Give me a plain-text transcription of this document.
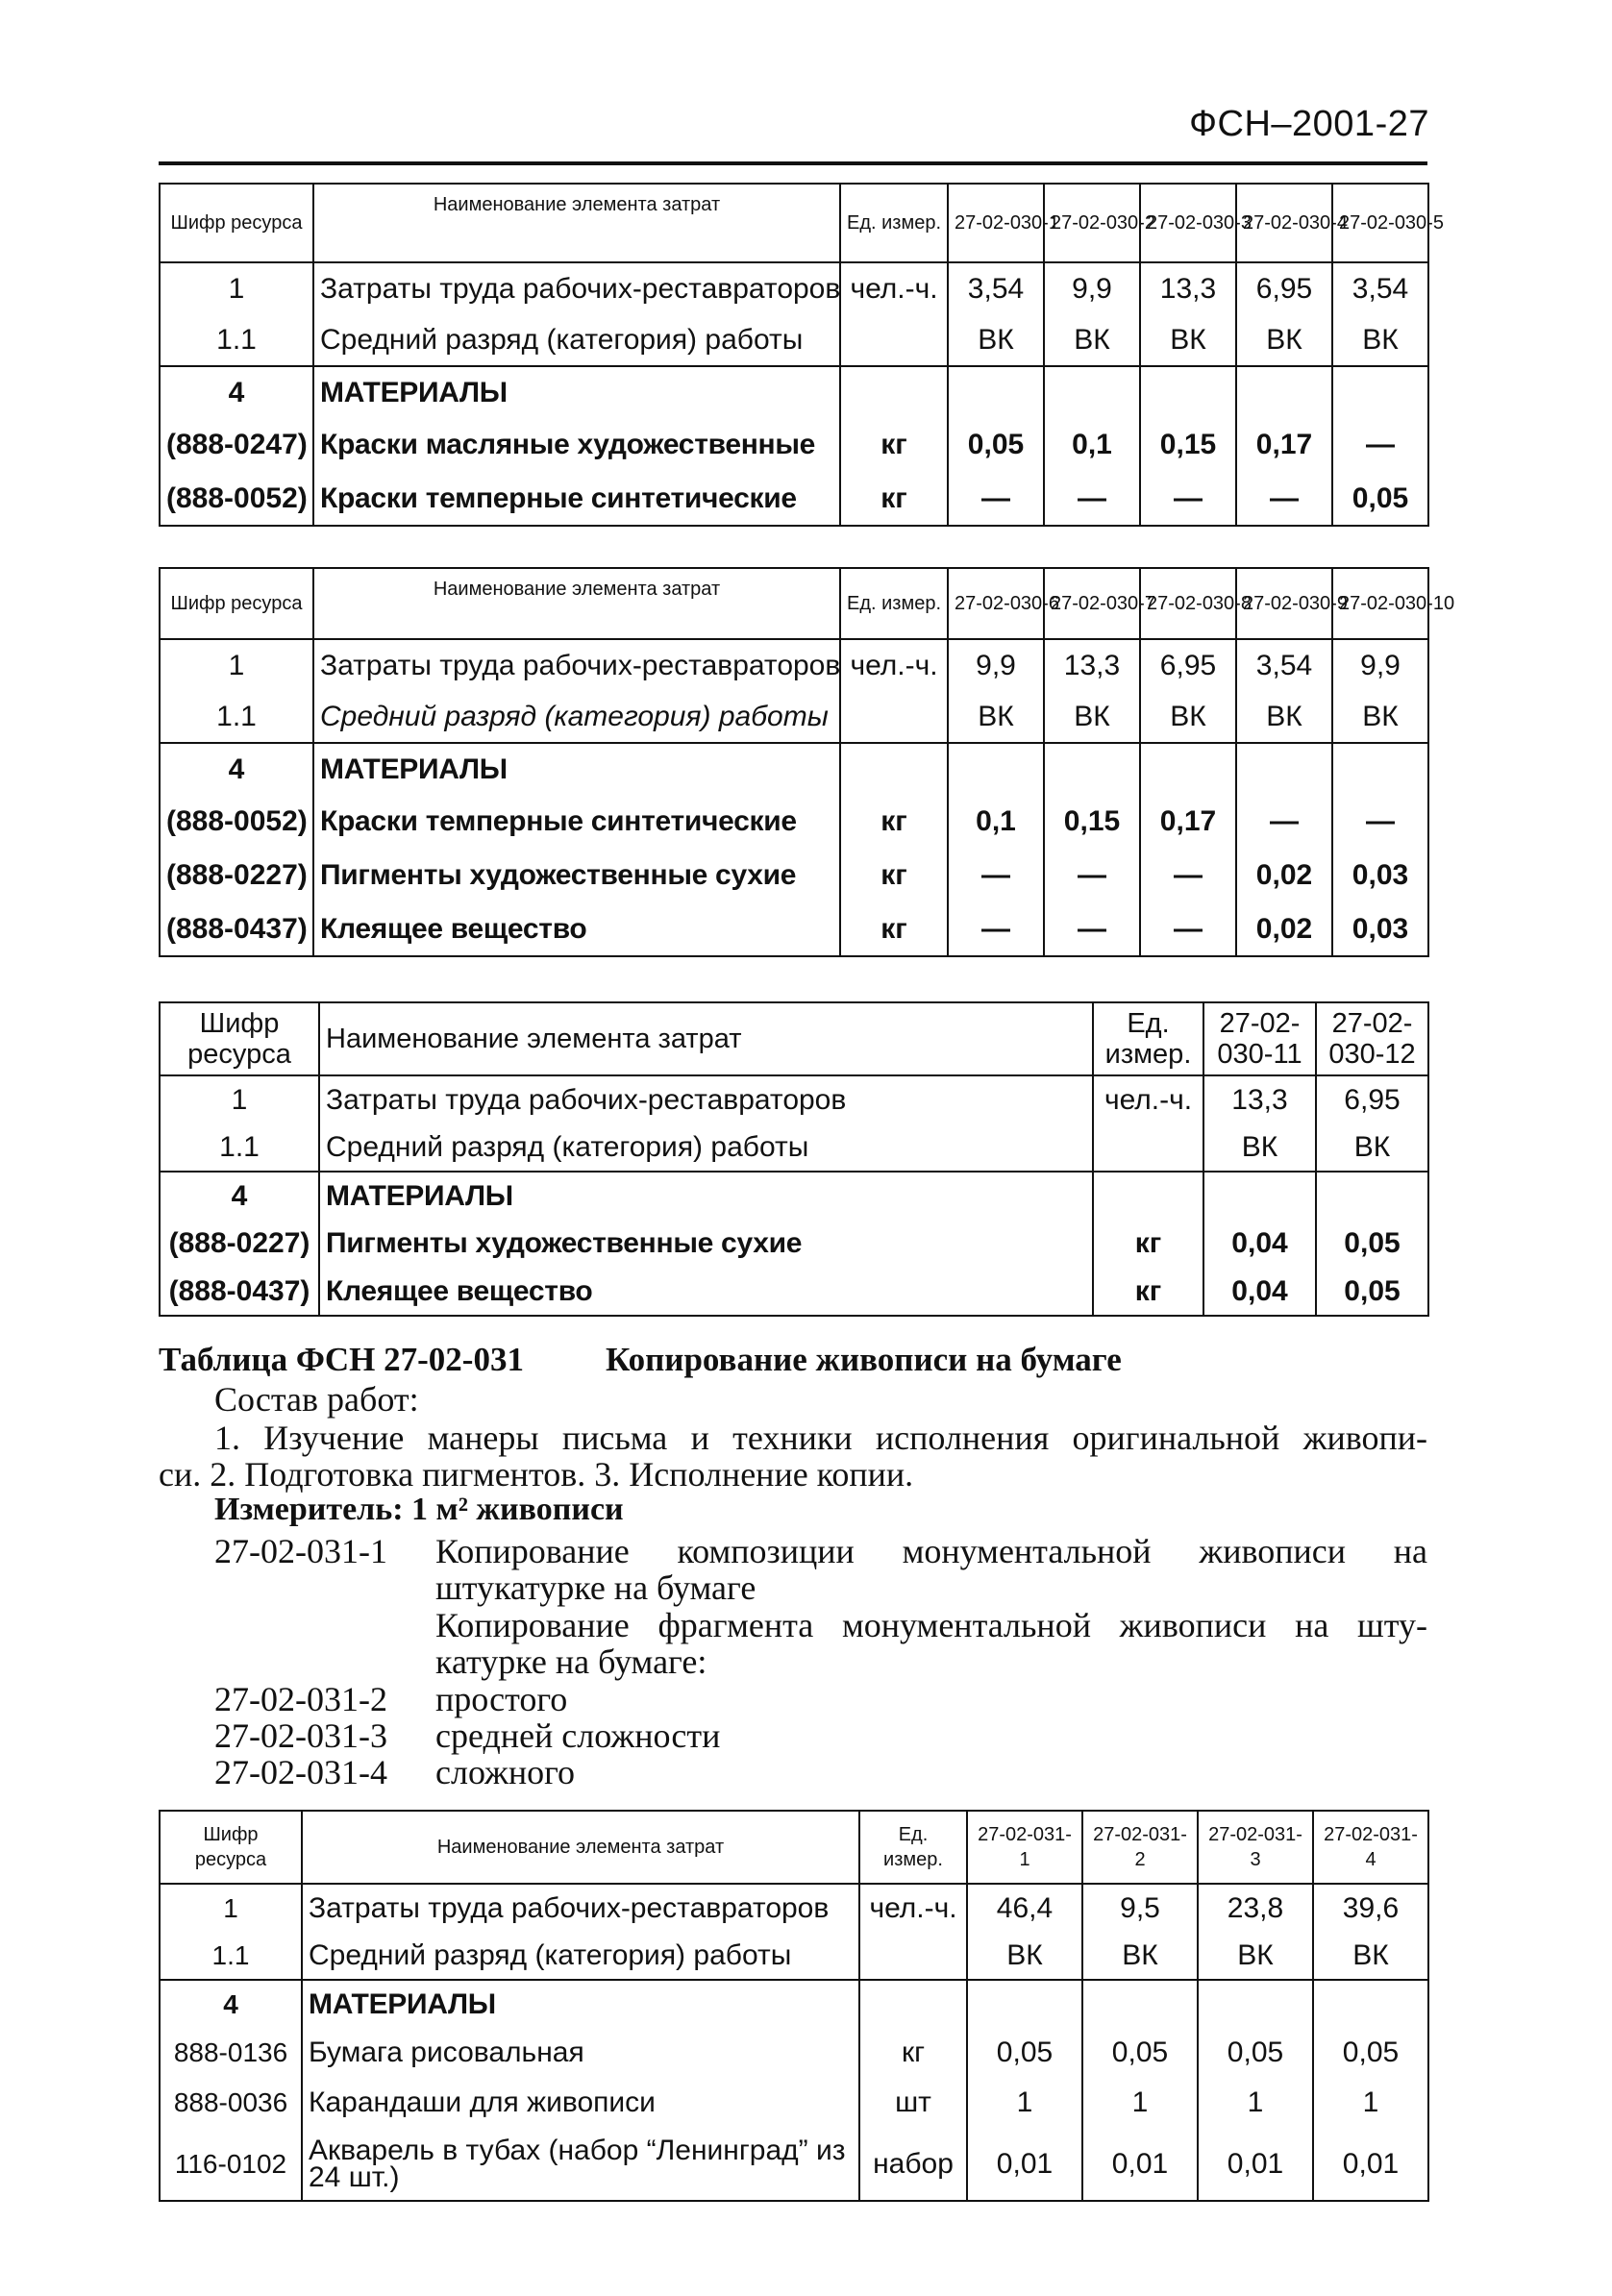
ФСН–2001-27
Шифр ресурса	Наименование элемента затрат	Ед. измер.	27-02-030-1	27-02-030-2	27-02-030-3	27-02-030-4	27-02-030-5
1	Затраты труда рабочих-реставраторов	чел.-ч.	3,54	9,9	13,3	6,95	3,54
1.1	Средний разряд (категория) работы		ВК	ВК	ВК	ВК	ВК
4	МАТЕРИАЛЫ						
(888-0247)	Краски масляные художественные	кг	0,05	0,1	0,15	0,17	—
(888-0052)	Краски темперные синтетические	кг	—	—	—	—	0,05
Шифр ресурса	Наименование элемента затрат	Ед. измер.	27-02-030-6	27-02-030-7	27-02-030-8	27-02-030-9	27-02-030-10
1	Затраты труда рабочих-реставраторов	чел.-ч.	9,9	13,3	6,95	3,54	9,9
1.1	Средний разряд (категория) работы		ВК	ВК	ВК	ВК	ВК
4	МАТЕРИАЛЫ						
(888-0052)	Краски темперные синтетические	кг	0,1	0,15	0,17	—	—
(888-0227)	Пигменты художественные сухие	кг	—	—	—	0,02	0,03
(888-0437)	Клеящее вещество	кг	—	—	—	0,02	0,03
Шифр ресурса	Наименование элемента затрат	Ед. измер.	27-02-030-11	27-02-030-12
1	Затраты труда рабочих-реставраторов	чел.-ч.	13,3	6,95
1.1	Средний разряд (категория) работы		ВК	ВК
4	МАТЕРИАЛЫ			
(888-0227)	Пигменты художественные сухие	кг	0,04	0,05
(888-0437)	Клеящее вещество	кг	0,04	0,05
Таблица ФСН 27-02-031 Копирование живописи на бумаге
Состав работ:
1. Изучение манеры письма и техники исполнения оригинальной живопи-
си. 2. Подготовка пигментов. 3. Исполнение копии.
Измеритель: 1 м² живописи
27-02-031-1 Копирование композиции монументальной живописи на
штукатурке на бумаге
Копирование фрагмента монументальной живописи на шту-
катурке на бумаге:
27-02-031-2 простого
27-02-031-3 средней сложности
27-02-031-4 сложного
Шифр ресурса	Наименование элемента затрат	Ед. измер.	27-02-031-1	27-02-031-2	27-02-031-3	27-02-031-4
1	Затраты труда рабочих-реставраторов	чел.-ч.	46,4	9,5	23,8	39,6
1.1	Средний разряд (категория) работы		ВК	ВК	ВК	ВК
4	МАТЕРИАЛЫ					
888-0136	Бумага рисовальная	кг	0,05	0,05	0,05	0,05
888-0036	Карандаши для живописи	шт	1	1	1	1
116-0102	Акварель в тубах (набор “Ленинград” из 24 шт.)	набор	0,01	0,01	0,01	0,01
